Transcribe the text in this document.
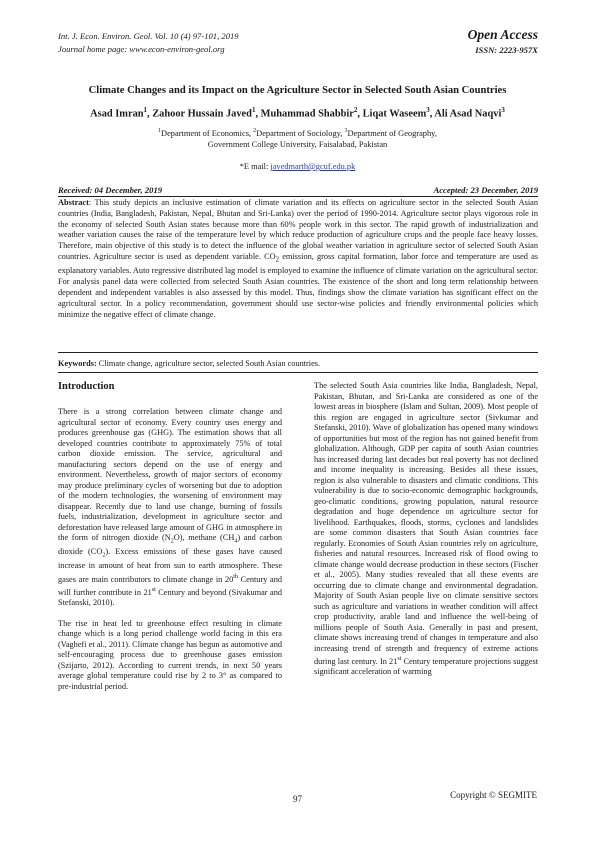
Int. J. Econ. Environ. Geol. Vol. 10 (4) 97-101, 2019
Journal home page: www.econ-environ-geol.org
Open Access
ISSN: 2223-957X
Climate Changes and its Impact on the Agriculture Sector in Selected South Asian Countries
Asad Imran$^1$, Zahoor Hussain Javed$^1$, Muhammad Shabbir$^2$, Liqat Waseem$^3$, Ali Asad Naqvi$^3$
$^1$Department of Economics, $^2$Department of Sociology, $^3$Department of Geography,
Government College University, Faisalabad, Pakistan
*E mail: javedmarth@gcuf.edu.pk
Received: 04 December, 2019	Accepted: 23 December, 2019
Abstract: This study depicts an inclusive estimation of climate variation and its effects on agriculture sector in the selected South Asian countries (India, Bangladesh, Pakistan, Nepal, Bhutan and Sri-Lanka) over the period of 1990-2014. Agriculture sector plays vigorous role in the economy of selected South Asian states because more than 60% people work in this sector. The rapid growth of industrialization and weather variation causes the raise of the temperature level by which reduce production of agriculture crops and the people face heavy losses. Therefore, main objective of this study is to detect the influence of the global weather variation in agriculture sector of selected South Asian countries. Agriculture sector is used as dependent variable. $CO_2$ emission, gross capital formation, labor force and temperature are used as explanatory variables. Auto regressive distributed lag model is employed to examine the influence of climate variation on the agricultural sector. For analysis panel data were collected from selected South Asian countries. The existence of the short and long term relationship between dependent and independent variables is also assessed by this model. Thus, findings show the climate variation has significant effect on the agricultural sector. In a policy recommendation, government should use sector-wise policies and friendly environmental policies which minimize the negative effect of climate change.
Keywords: Climate change, agriculture sector, selected South Asian countries.
Introduction

There is a strong correlation between climate change and agricultural sector of economy. Every country uses energy and produces greenhouse gas (GHG). The estimation shows that all developed countries contribute to approximately 75% of total carbon dioxide emission. The service, agricultural and manufacturing sectors depend on the use of energy and environment. Nevertheless, growth of major sectors of economy may produce preliminary cycles of worsening but due to adoption of the modern technologies, the worsening of environment may disappear. Recently due to land use change, burning of fossils fuels, industrialization, development in agriculture sector and deforestation have released large amount of GHG in atmosphere in the form of nitrogen dioxide $(N_2O)$, methane $(CH_4)$ and carbon dioxide $(CO_2)$. Excess emissions of these gases have caused increase in amount of heat from sun to earth atmosphere. These gases are main contributors to climate change in 20th Century and will further contribute in 21st Century and beyond (Sivakumar and Stefanski, 2010).

The rise in heat led to greenhouse effect resulting in climate change which is a long period challenge world facing in this era (Vaghefi et al., 2011). Climate change has begun as automotive and self-encouraging process due to greenhouse gases emission (Szijarto, 2012). According to current trends, in next 50 years average global temperature could rise by 2 to 3° as compared to pre-industrial period.

The selected South Asia countries like India, Bangladesh, Nepal, Pakistan, Bhutan, and Sri-Lanka are considered as one of the lowest areas in biosphere (Islam and Sultan, 2009). Most people of this region are engaged in agriculture sector (Sivkumar and Stefanski, 2010). Wave of globalization has opened many windows of opportunities but most of the region has not gained benefit from globalization. Although, GDP per capita of south Asian countries has increased during last decades but real poverty has not declined and income inequality is increasing. Besides all these issues, region is also vulnerable to disasters and climatic conditions. This vulnerability is due to socio-economic demographic backgrounds, geo-climatic conditions, growing population, natural resource degradation and huge dependence on agriculture sector for livelihood. Earthquakes, floods, storms, cyclones and landslides are some common disasters that South Asian countries face regularly. Economies of South Asian countries rely on agriculture, fisheries and natural resources. Increased risk of flood owing to climate change would decrease production in these sectors (Fischer et al., 2005). Many studies revealed that all these events are occurring due to climate change and environmental degradation. Majority of South Asian people live on climate sensitive sectors such as agriculture and variations in weather condition will affect crop productivity, arable land and influence the well-being of millions people of South Asia. Generally in past and present, climate shows increasing trend of changes in temperature and also increasing trend of strength and frequency of extreme actions during last century. In 21st Century temperature projections suggest significant acceleration of warming

97	Copyright © SEGMITE
